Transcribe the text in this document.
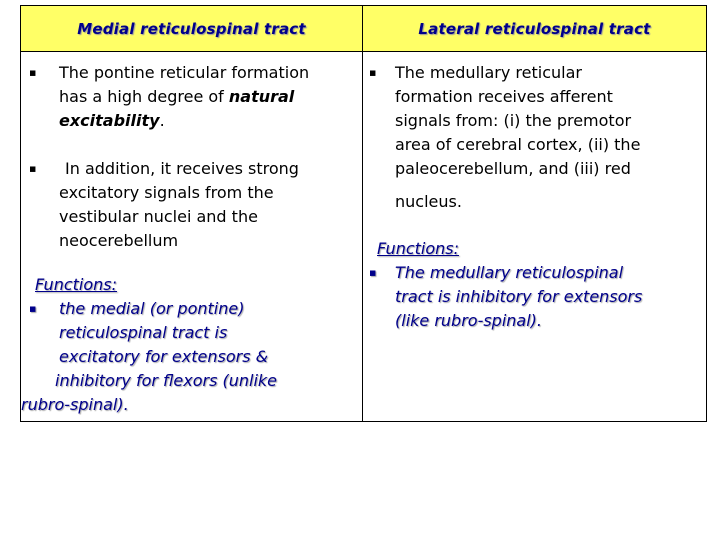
Medial reticulospinal tract	Lateral reticulospinal tract
▪ The pontine reticular formation

has a high degree of natural

excitability.

▪ In addition, it receives strong

excitatory signals from the

vestibular nuclei and the

neocerebellum

Functions:

▪ the medial (or pontine)

reticulospinal tract is

excitatory for extensors &

inhibitory for flexors (unlike

rubro-spinal).

▪ The medullary reticular

formation receives afferent

signals from: (i) the premotor

area of cerebral cortex, (ii) the

paleocerebellum, and (iii) red

nucleus.

Functions:

▪ The medullary reticulospinal

tract is inhibitory for extensors

(like rubro-spinal).
